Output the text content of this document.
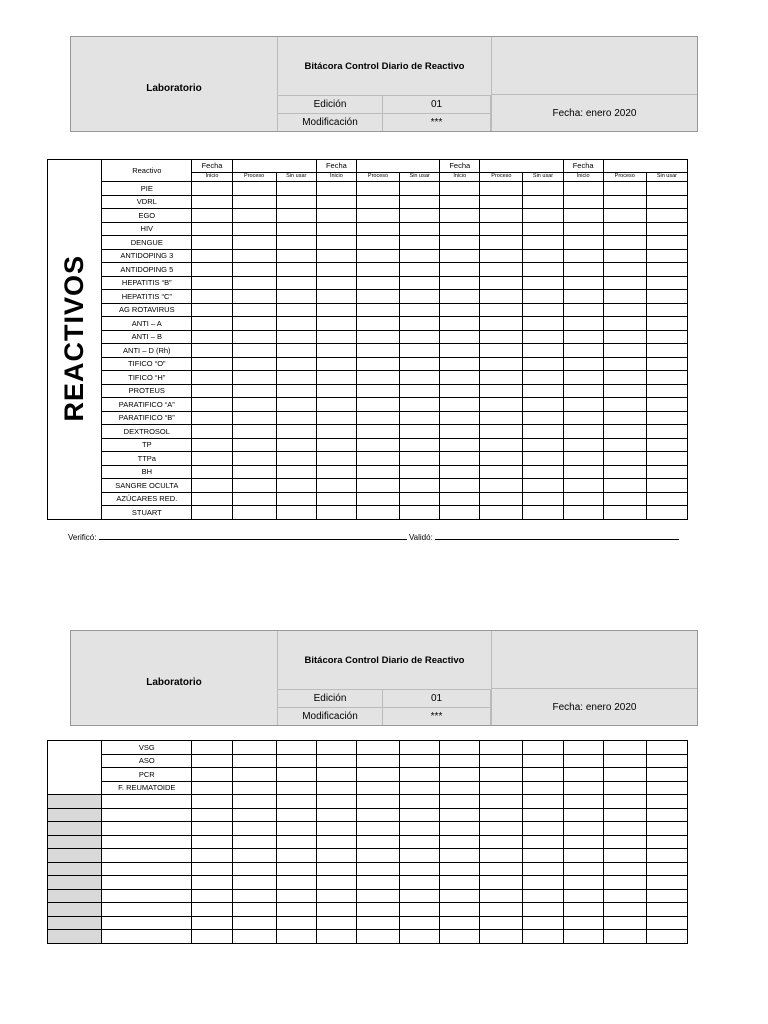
Laboratorio
Bitácora Control Diario de Reactivo
Edición	01
Modificación	***
Fecha: enero 2020
REACTIVOS	Reactivo	Fecha			Fecha			Fecha			Fecha		
		Inicio	Proceso	Sin usar	Inicio	Proceso	Sin usar	Inicio	Proceso	Sin usar	Inicio	Proceso	Sin usar
	PIE												
	VDRL												
	EGO												
	HIV												
	DENGUE												
	ANTIDOPING 3												
	ANTIDOPING 5												
	HEPATITIS “B”												
	HEPATITIS “C”												
	AG ROTAVIRUS												
	ANTI – A												
	ANTI – B												
	ANTI – D (Rh)												
	TIFICO “O”												
	TIFICO “H”												
	PROTEUS												
	PARATIFICO “A”												
	PARATIFICO “B”												
	DEXTROSOL												
	TP												
	TTPa												
	BH												
	SANGRE OCULTA												
	AZÚCARES RED.												
	STUART												
Verificó:	Validó:
Laboratorio
Bitácora Control Diario de Reactivo
Edición	01
Modificación	***
Fecha: enero 2020
	VSG												
	ASO												
	PCR												
	F. REUMATOIDE												
